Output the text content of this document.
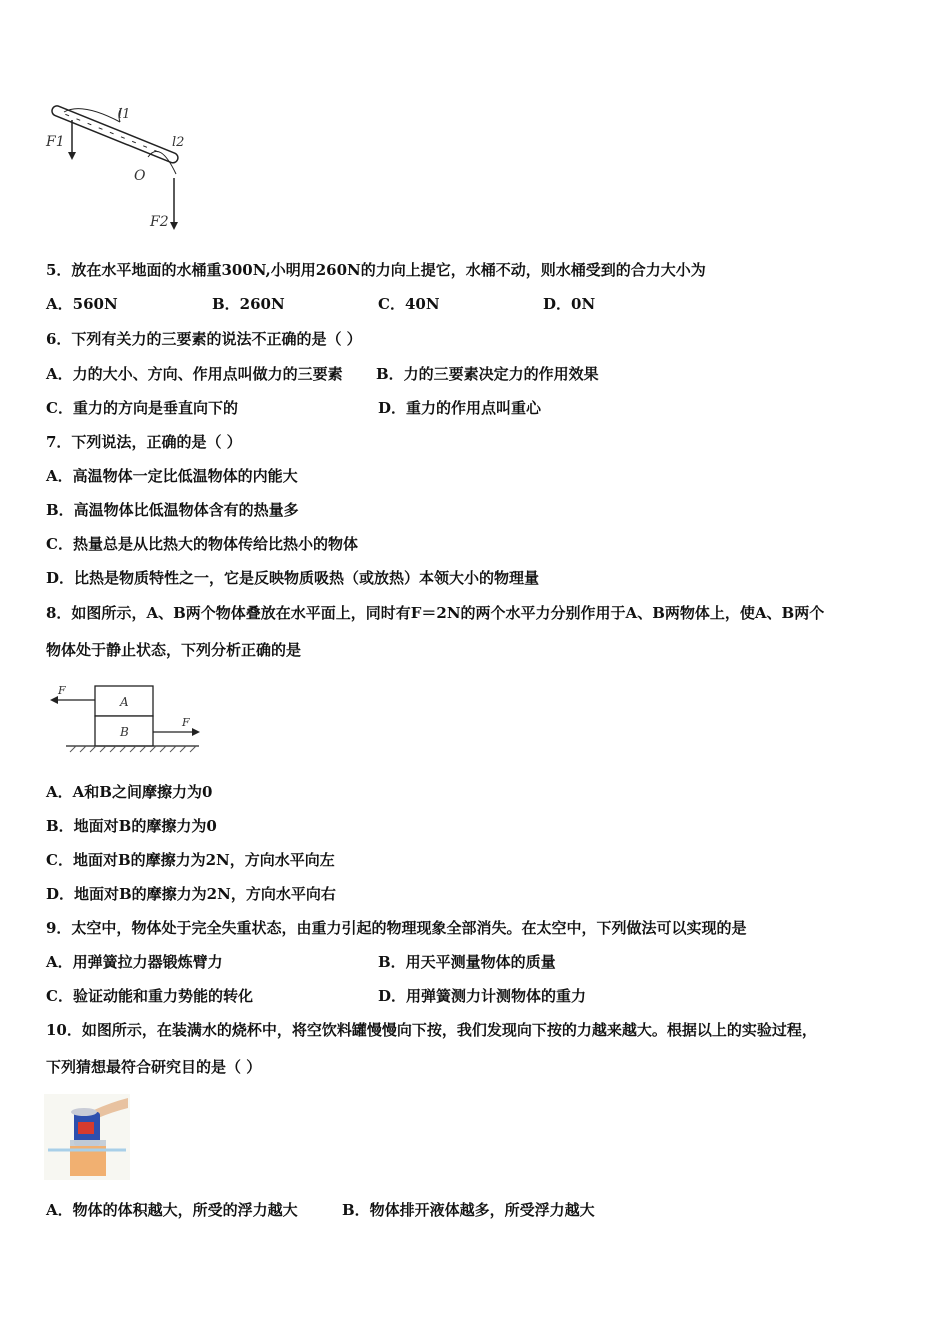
l1
l2
F1
F2
O
5．放在水平地面的水桶重300N,小明用260N的力向上提它，水桶不动，则水桶受到的合力大小为
A．560N	B．260N	C．40N	D．0N
6．下列有关力的三要素的说法不正确的是（ ）
A．力的大小、方向、作用点叫做力的三要素 B．力的三要素决定力的作用效果
C．重力的方向是垂直向下的	D．重力的作用点叫重心
7．下列说法，正确的是（ ）
A．高温物体一定比低温物体的内能大
B．高温物体比低温物体含有的热量多
C．热量总是从比热大的物体传给比热小的物体
D．比热是物质特性之一，它是反映物质吸热（或放热）本领大小的物理量
8．如图所示，A、B两个物体叠放在水平面上，同时有F＝2N的两个水平力分别作用于A、B两物体上，使A、B两个
物体处于静止状态，下列分析正确的是
A
B
F
F
A．A和B之间摩擦力为0
B．地面对B的摩擦力为0
C．地面对B的摩擦力为2N，方向水平向左
D．地面对B的摩擦力为2N，方向水平向右
9．太空中，物体处于完全失重状态，由重力引起的物理现象全部消失。在太空中，下列做法可以实现的是
A．用弹簧拉力器锻炼臂力	B．用天平测量物体的质量
C．验证动能和重力势能的转化	D．用弹簧测力计测物体的重力
10．如图所示，在装满水的烧杯中，将空饮料罐慢慢向下按，我们发现向下按的力越来越大。根据以上的实验过程，
下列猜想最符合研究目的是（ ）
A．物体的体积越大，所受的浮力越大	B．物体排开液体越多，所受浮力越大
